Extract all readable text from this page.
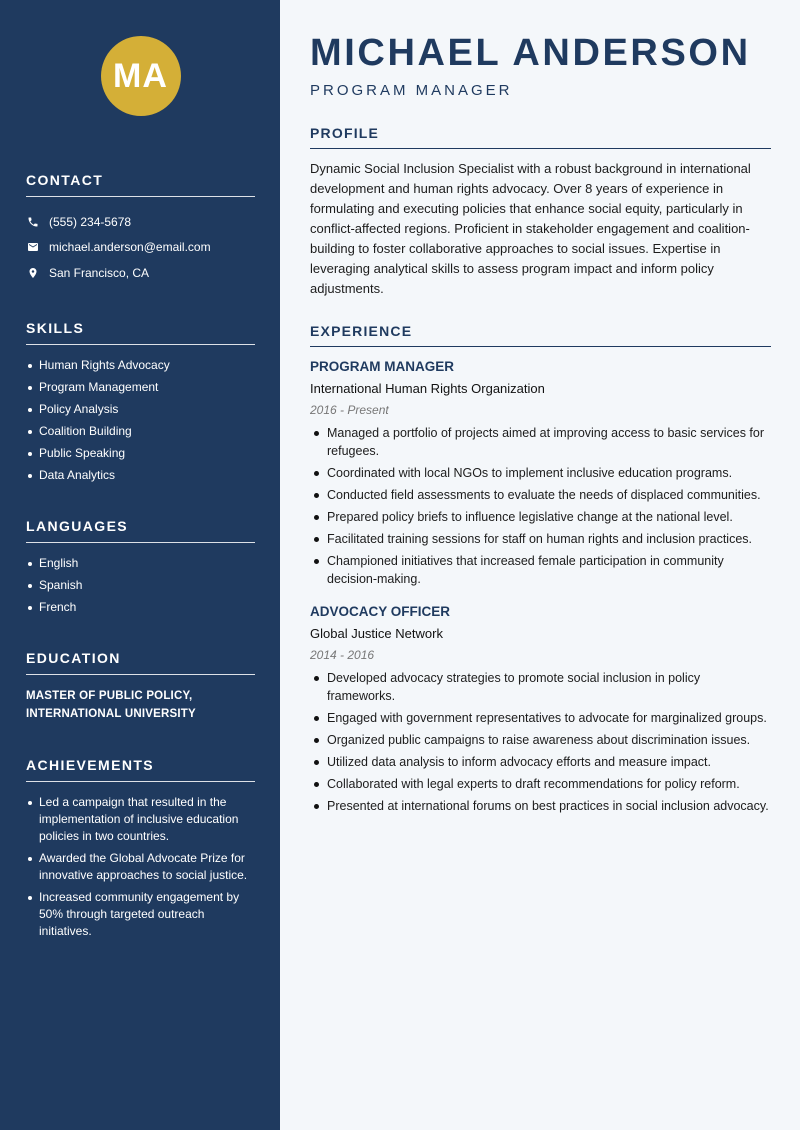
MA
CONTACT
(555) 234-5678
michael.anderson@email.com
San Francisco, CA
SKILLS
Human Rights Advocacy
Program Management
Policy Analysis
Coalition Building
Public Speaking
Data Analytics
LANGUAGES
English
Spanish
French
EDUCATION
MASTER OF PUBLIC POLICY, INTERNATIONAL UNIVERSITY
ACHIEVEMENTS
Led a campaign that resulted in the implementation of inclusive education policies in two countries.
Awarded the Global Advocate Prize for innovative approaches to social justice.
Increased community engagement by 50% through targeted outreach initiatives.
MICHAEL ANDERSON
PROGRAM MANAGER
PROFILE

Dynamic Social Inclusion Specialist with a robust background in international development and human rights advocacy. Over 8 years of experience in formulating and executing policies that enhance social equity, particularly in conflict-affected regions. Proficient in stakeholder engagement and coalition-building to foster collaborative approaches to social issues. Expertise in leveraging analytical skills to assess program impact and inform policy adjustments.

EXPERIENCE
PROGRAM MANAGER
International Human Rights Organization
2016 - Present
Managed a portfolio of projects aimed at improving access to basic services for refugees.
Coordinated with local NGOs to implement inclusive education programs.
Conducted field assessments to evaluate the needs of displaced communities.
Prepared policy briefs to influence legislative change at the national level.
Facilitated training sessions for staff on human rights and inclusion practices.
Championed initiatives that increased female participation in community decision-making.
ADVOCACY OFFICER
Global Justice Network
2014 - 2016
Developed advocacy strategies to promote social inclusion in policy frameworks.
Engaged with government representatives to advocate for marginalized groups.
Organized public campaigns to raise awareness about discrimination issues.
Utilized data analysis to inform advocacy efforts and measure impact.
Collaborated with legal experts to draft recommendations for policy reform.
Presented at international forums on best practices in social inclusion advocacy.
